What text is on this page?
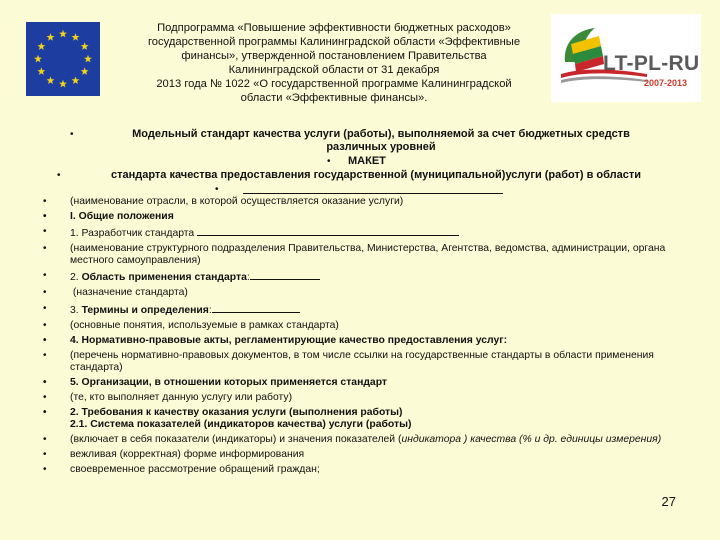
Подпрограмма «Повышение эффективности бюджетных расходов»
государственной программы Калининградской области «Эффективные
финансы», утвержденной постановлением Правительства
Калининградской области от 31 декабря
2013 года № 1022 «О государственной программе Калининградской
области «Эффективные финансы».
LT-PL-RU
2007-2013
•	Модельный стандарт качества услуги (работы), выполняемой за счет бюджетных средств
различных уровней
• МАКЕТ
•	стандарта качества предоставления государственной (муниципальной)услуги (работ) в области
•
• (наименование отрасли, в которой осуществляется оказание услуги)
• I. Общие положения
• 1. Разработчик стандарта
• (наименование структурного подразделения Правительства, Министерства, Агентства, ведомства, администрации, органа местного самоуправления)
• 2. Область применения стандарта:
•  (назначение стандарта)
• 3. Термины и определения:
• (основные понятия, используемые в рамках стандарта)
• 4. Нормативно-правовые акты, регламентирующие качество предоставления услуг:
• (перечень нормативно-правовых документов, в том числе ссылки на государственные стандарты в области применения стандарта)
• 5. Организации, в отношении которых применяется стандарт
• (те, кто выполняет данную услугу или работу)
• 2. Требования к качеству оказания услуги (выполнения работы)
2.1. Система показателей (индикаторов качества) услуги (работы)
• (включает в себя показатели (индикаторы) и значения показателей (индикатора ) качества (% и др. единицы измерения)
• вежливая (корректная) форме информирования
• своевременное рассмотрение обращений граждан;
27
